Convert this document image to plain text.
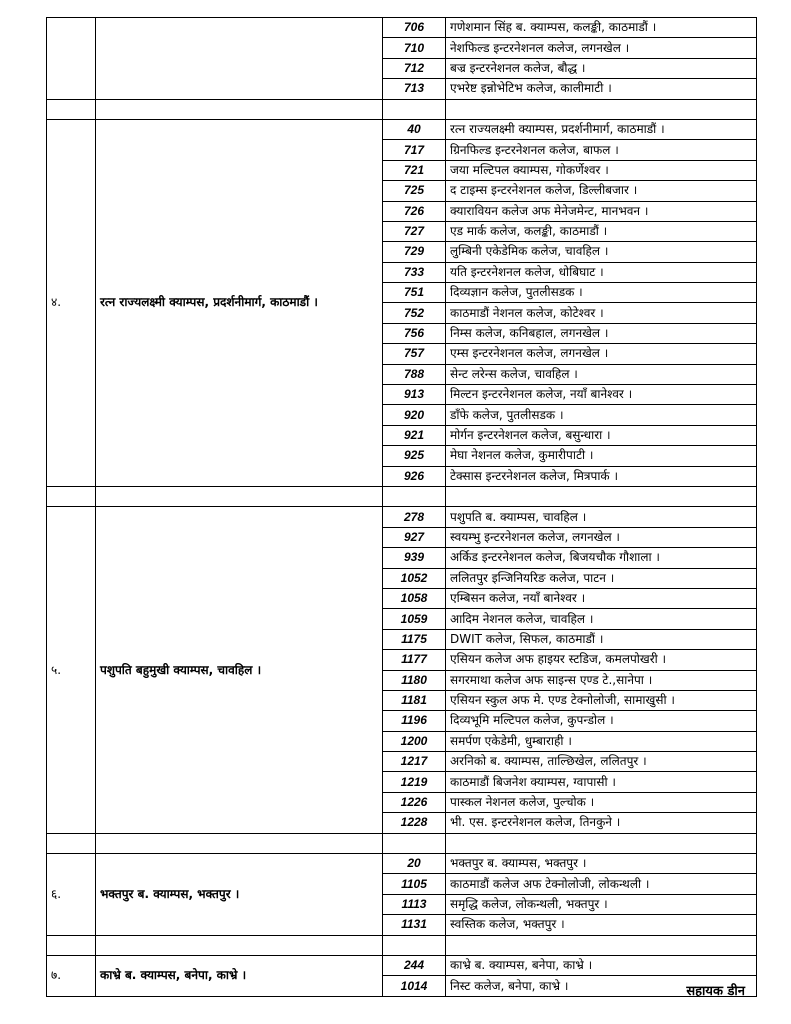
		706	गणेशमान सिंह ब. क्याम्पस, कलङ्की, काठमाडौं ।
		710	नेशफिल्ड इन्टरनेशनल कलेज, लगनखेल ।
		712	बज्र इन्टरनेशनल कलेज, बौद्ध ।
		713	एभरेष्ट इन्नोभेटिभ कलेज, कालीमाटी ।

४.	रत्न राज्यलक्ष्मी क्याम्पस, प्रदर्शनीमार्ग, काठमाडौं ।	40	रत्न राज्यलक्ष्मी क्याम्पस, प्रदर्शनीमार्ग, काठमाडौं ।
		717	ग्रिनफिल्ड इन्टरनेशनल कलेज, बाफल ।
		721	जया मल्टिपल क्याम्पस, गोकर्णेश्वर ।
		725	द टाइम्स इन्टरनेशनल कलेज, डिल्लीबजार ।
		726	क्यारावियन कलेज अफ मेनेजमेन्ट, मानभवन ।
		727	एड मार्क कलेज, कलङ्की, काठमाडौं ।
		729	लुम्बिनी एकेडेमिक कलेज, चावहिल ।
		733	यति इन्टरनेशनल कलेज, धोबिघाट ।
		751	दिव्यज्ञान कलेज, पुतलीसडक ।
		752	काठमाडौं नेशनल कलेज, कोटेश्वर ।
		756	निम्स कलेज, कनिबहाल, लगनखेल ।
		757	एम्स इन्टरनेशनल कलेज, लगनखेल ।
		788	सेन्ट लरेन्स कलेज, चावहिल ।
		913	मिल्टन इन्टरनेशनल कलेज, नयाँ बानेश्वर ।
		920	डाँफे कलेज, पुतलीसडक ।
		921	मोर्गन इन्टरनेशनल कलेज, बसुन्धारा ।
		925	मेघा नेशनल कलेज, कुमारीपाटी ।
		926	टेक्सास इन्टरनेशनल कलेज, मित्रपार्क ।

५.	पशुपति बहुमुखी क्याम्पस, चावहिल ।	278	पशुपति ब. क्याम्पस, चावहिल ।
		927	स्वयम्भु इन्टरनेशनल कलेज, लगनखेल ।
		939	अर्किड इन्टरनेशनल कलेज, बिजयचौक गौशाला ।
		1052	ललितपुर इन्जिनियरिङ कलेज, पाटन ।
		1058	एम्बिसन कलेज, नयाँ बानेश्वर ।
		1059	आदिम नेशनल कलेज, चावहिल ।
		1175	DWIT कलेज, सिफल, काठमाडौं ।
		1177	एसियन कलेज अफ हाइयर स्टडिज, कमलपोखरी ।
		1180	सगरमाथा कलेज अफ साइन्स एण्ड टे.,सानेपा ।
		1181	एसियन स्कुल अफ मे. एण्ड टेक्नोलोजी, सामाखुसी ।
		1196	दिव्यभूमि मल्टिपल कलेज, कुपन्डोल ।
		1200	समर्पण एकेडेमी, धुम्बाराही ।
		1217	अरनिको ब. क्याम्पस, ताल्छिखेल, ललितपुर ।
		1219	काठमाडौं बिजनेश क्याम्पस, ग्वापासी ।
		1226	पास्कल नेशनल कलेज, पुल्चोक ।
		1228	भी. एस. इन्टरनेशनल कलेज, तिनकुने ।

६.	भक्तपुर ब. क्याम्पस, भक्तपुर ।	20	भक्तपुर ब. क्याम्पस, भक्तपुर ।
		1105	काठमाडौं कलेज अफ टेक्नोलोजी, लोकन्थली ।
		1113	समृद्धि कलेज, लोकन्थली, भक्तपुर ।
		1131	स्वस्तिक कलेज, भक्तपुर ।

७.	काभ्रे ब. क्याम्पस, बनेपा, काभ्रे ।	244	काभ्रे ब. क्याम्पस, बनेपा, काभ्रे ।
		1014	निस्ट कलेज, बनेपा, काभ्रे ।	सहायक डीन
